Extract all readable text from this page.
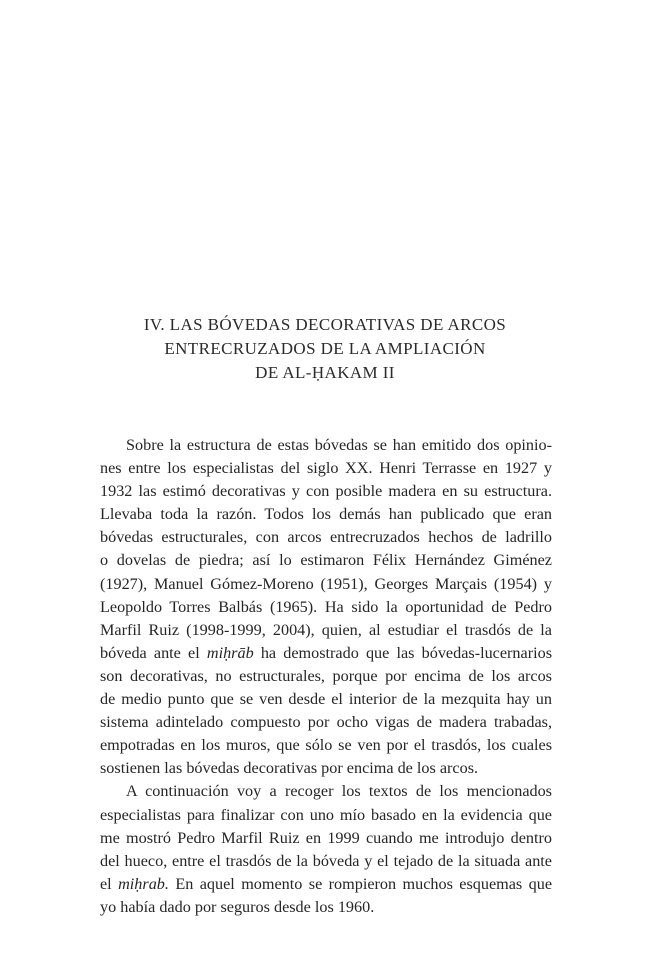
IV. LAS BÓVEDAS DECORATIVAS DE ARCOS
ENTRECRUZADOS DE LA AMPLIACIÓN
DE AL-ḤAKAM II
Sobre la estructura de estas bóvedas se han emitido dos opinio-
nes entre los especialistas del siglo XX. Henri Terrasse en 1927 y
1932 las estimó decorativas y con posible madera en su estructura.
Llevaba toda la razón. Todos los demás han publicado que eran
bóvedas estructurales, con arcos entrecruzados hechos de ladrillo
o dovelas de piedra; así lo estimaron Félix Hernández Giménez
(1927), Manuel Gómez-Moreno (1951), Georges Marçais (1954) y
Leopoldo Torres Balbás (1965). Ha sido la oportunidad de Pedro
Marfil Ruiz (1998-1999, 2004), quien, al estudiar el trasdós de la
bóveda ante el miḥrāb ha demostrado que las bóvedas-lucernarios
son decorativas, no estructurales, porque por encima de los arcos
de medio punto que se ven desde el interior de la mezquita hay un
sistema adintelado compuesto por ocho vigas de madera trabadas,
empotradas en los muros, que sólo se ven por el trasdós, los cuales
sostienen las bóvedas decorativas por encima de los arcos.
A continuación voy a recoger los textos de los mencionados
especialistas para finalizar con uno mío basado en la evidencia que
me mostró Pedro Marfil Ruiz en 1999 cuando me introdujo dentro
del hueco, entre el trasdós de la bóveda y el tejado de la situada ante
el miḥrab. En aquel momento se rompieron muchos esquemas que
yo había dado por seguros desde los 1960.
